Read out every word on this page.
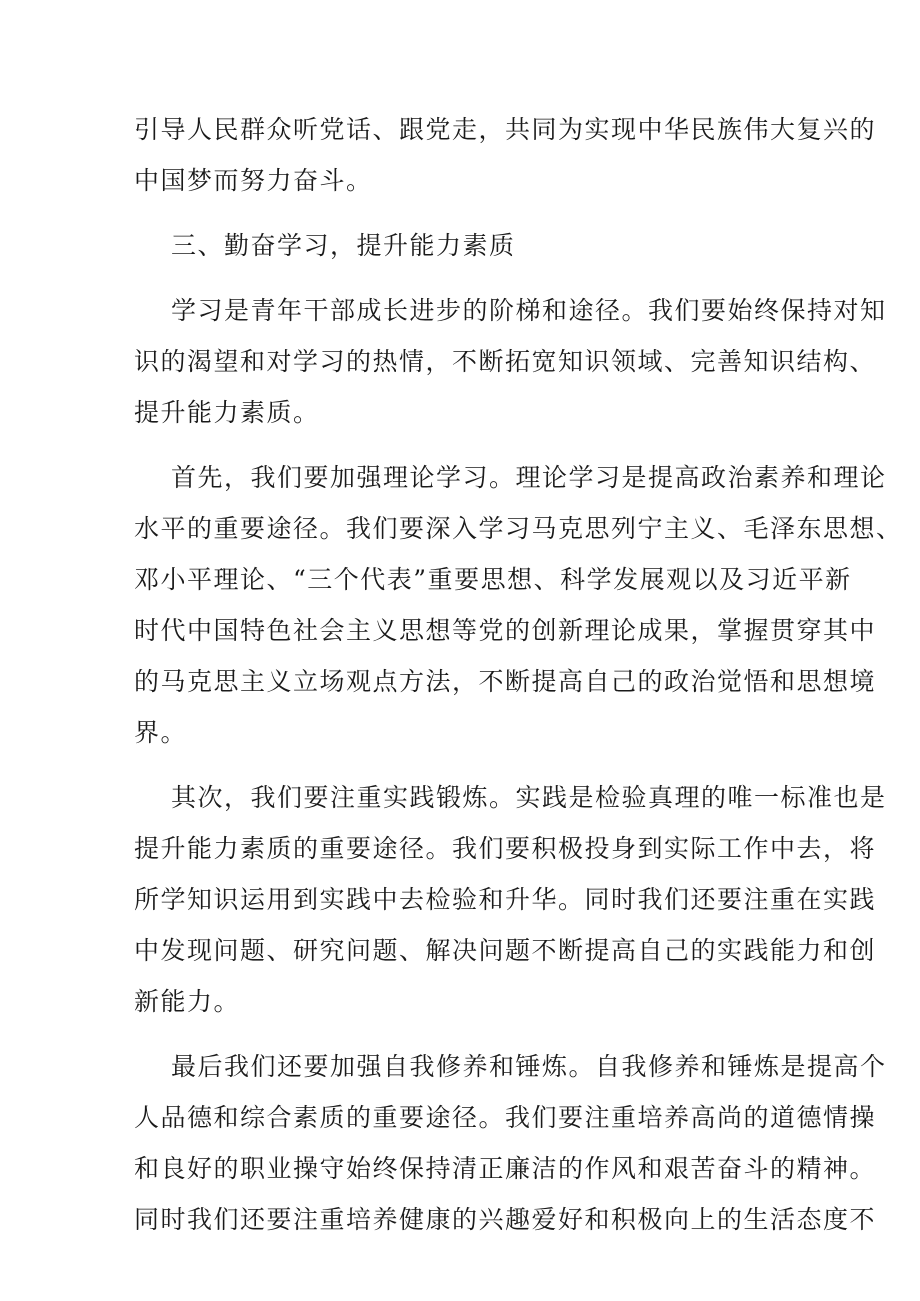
引导人民群众听党话、跟党走，共同为实现中华民族伟大复兴的
中国梦而努力奋斗。
三、勤奋学习，提升能力素质
学习是青年干部成长进步的阶梯和途径。我们要始终保持对知
识的渴望和对学习的热情，不断拓宽知识领域、完善知识结构、
提升能力素质。
首先，我们要加强理论学习。理论学习是提高政治素养和理论
水平的重要途径。我们要深入学习马克思列宁主义、毛泽东思想、
邓小平理论、“三个代表”重要思想、科学发展观以及习近平新
时代中国特色社会主义思想等党的创新理论成果，掌握贯穿其中
的马克思主义立场观点方法，不断提高自己的政治觉悟和思想境
界。
其次，我们要注重实践锻炼。实践是检验真理的唯一标准也是
提升能力素质的重要途径。我们要积极投身到实际工作中去，将
所学知识运用到实践中去检验和升华。同时我们还要注重在实践
中发现问题、研究问题、解决问题不断提高自己的实践能力和创
新能力。
最后我们还要加强自我修养和锤炼。自我修养和锤炼是提高个
人品德和综合素质的重要途径。我们要注重培养高尚的道德情操
和良好的职业操守始终保持清正廉洁的作风和艰苦奋斗的精神。
同时我们还要注重培养健康的兴趣爱好和积极向上的生活态度不
